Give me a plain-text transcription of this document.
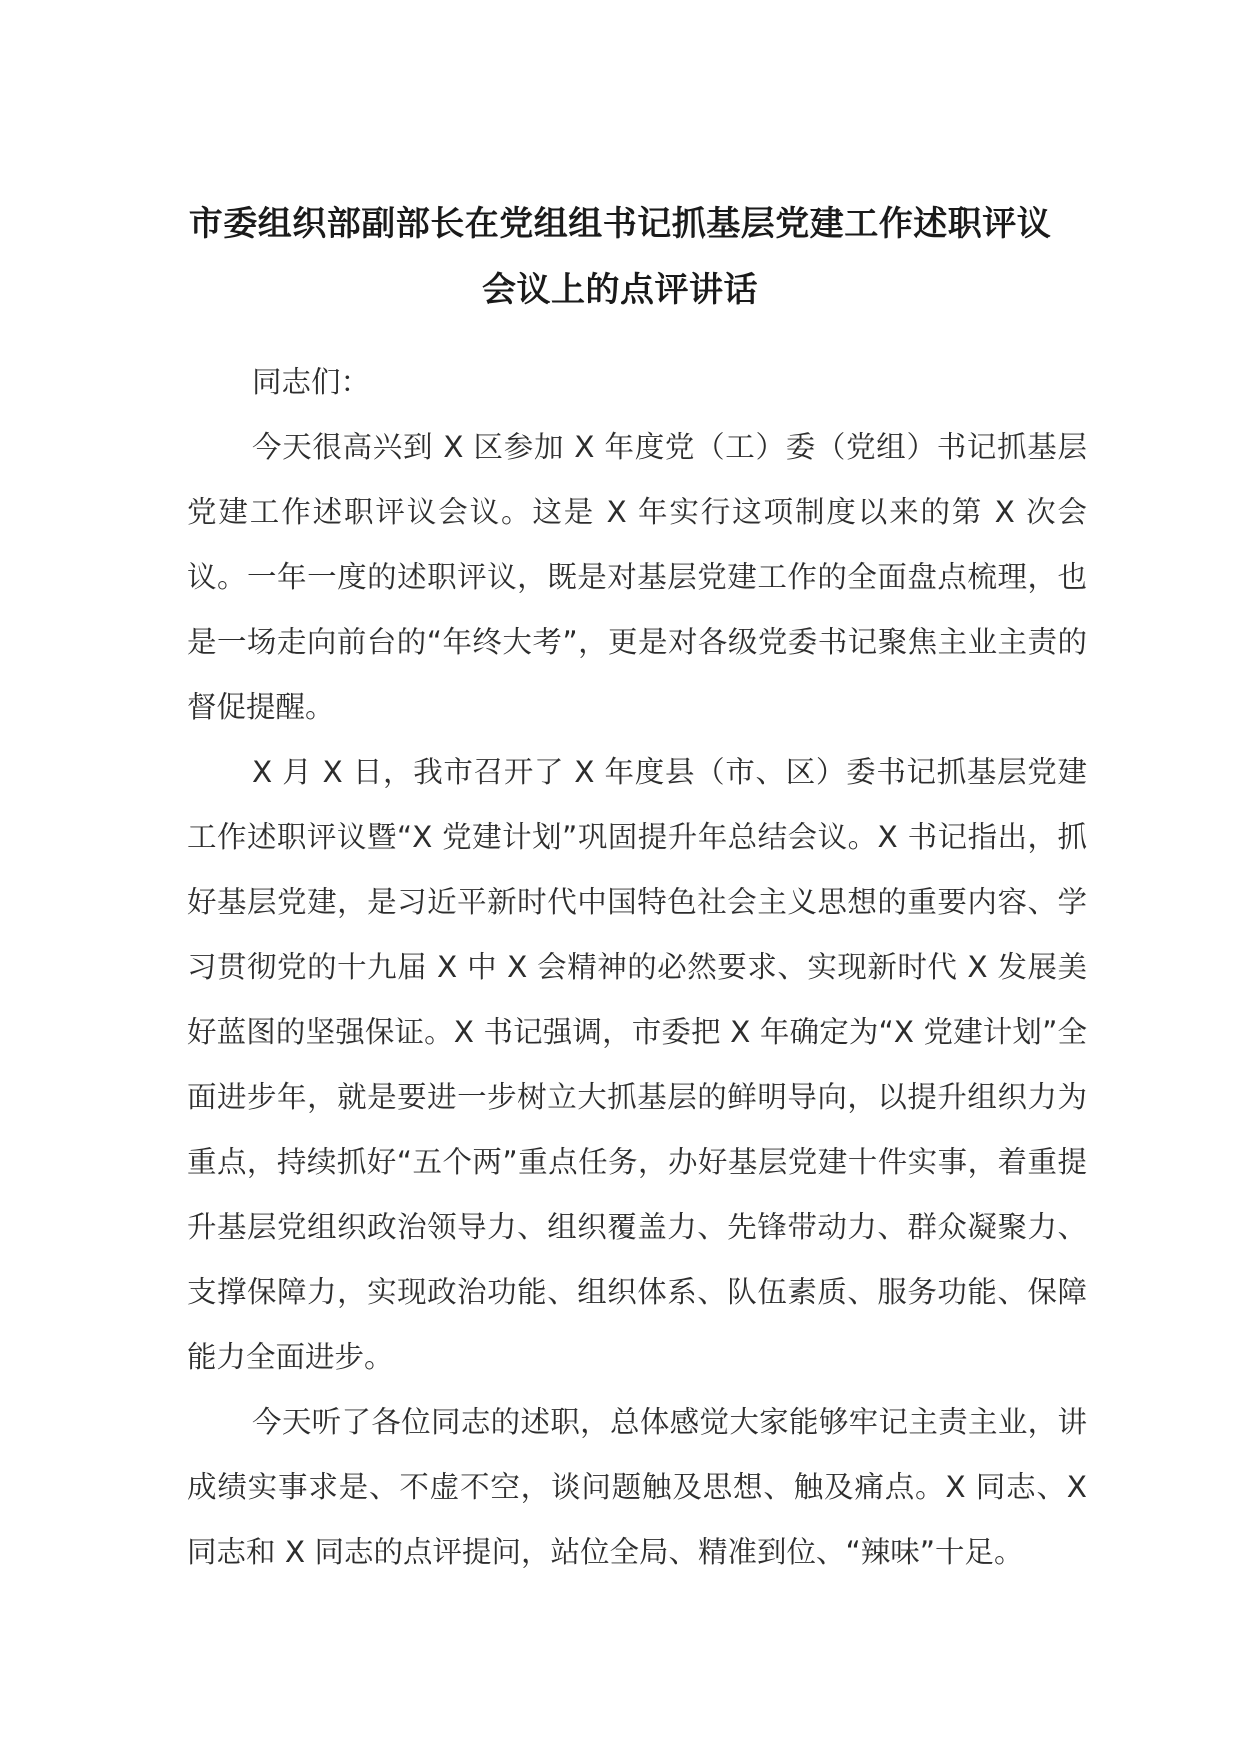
市委组织部副部长在党组组书记抓基层党建工作述职评议
会议上的点评讲话

同志们：

今天很高兴到 X 区参加 X 年度党（工）委（党组）书记抓基层党建工作述职评议会议。这是 X 年实行这项制度以来的第 X 次会议。一年一度的述职评议，既是对基层党建工作的全面盘点梳理，也是一场走向前台的“年终大考”，更是对各级党委书记聚焦主业主责的督促提醒。

X 月 X 日，我市召开了 X 年度县（市、区）委书记抓基层党建工作述职评议暨“X 党建计划”巩固提升年总结会议。X 书记指出，抓好基层党建，是习近平新时代中国特色社会主义思想的重要内容、学习贯彻党的十九届 X 中 X 会精神的必然要求、实现新时代 X 发展美好蓝图的坚强保证。X 书记强调，市委把 X 年确定为“X 党建计划”全面进步年，就是要进一步树立大抓基层的鲜明导向，以提升组织力为重点，持续抓好“五个两”重点任务，办好基层党建十件实事，着重提升基层党组织政治领导力、组织覆盖力、先锋带动力、群众凝聚力、支撑保障力，实现政治功能、组织体系、队伍素质、服务功能、保障能力全面进步。

今天听了各位同志的述职，总体感觉大家能够牢记主责主业，讲成绩实事求是、不虚不空，谈问题触及思想、触及痛点。X 同志、X 同志和 X 同志的点评提问，站位全局、精准到位、“辣味”十足。
